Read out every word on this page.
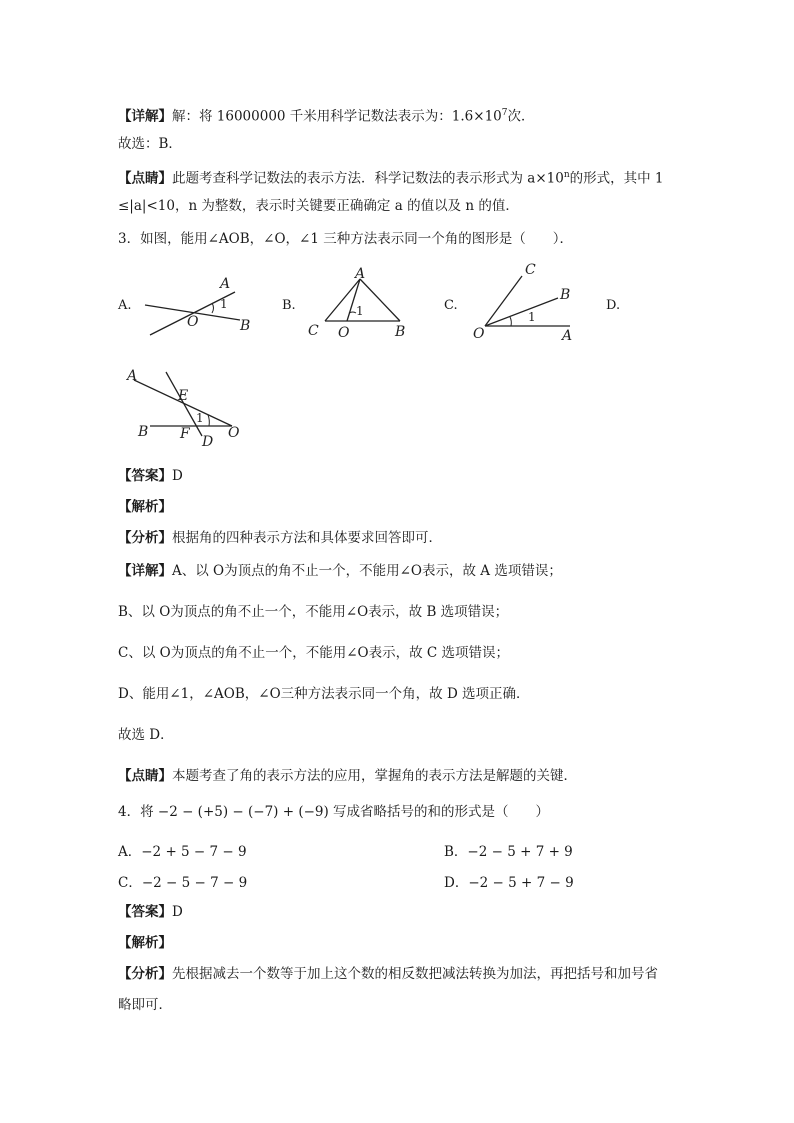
【详解】解：将 16000000 千米用科学记数法表示为：$1.6\times 10^7$次．
故选：B．
【点睛】此题考查科学记数法的表示方法．科学记数法的表示形式为 $a\times 10^n$的形式，其中 1
≤|a|<10，n 为整数，表示时关键要正确确定 a 的值以及 n 的值．
3．如图，能用∠AOB，∠O，∠1 三种方法表示同一个角的图形是（　　）．
A.	B.	C.	D.
A
1
O	B
A
1
C O	B
C
B
1
O	A
A
E
1
B F D
O
【答案】D
【解析】
【分析】根据角的四种表示方法和具体要求回答即可．
【详解】A、以 O为顶点的角不止一个，不能用∠O表示，故 A 选项错误；
B、以 O为顶点的角不止一个，不能用∠O表示，故 B 选项错误；
C、以 O为顶点的角不止一个，不能用∠O表示，故 C 选项错误；
D、能用∠1，∠AOB，∠O三种方法表示同一个角，故 D 选项正确．
故选 D．
【点睛】本题考查了角的表示方法的应用，掌握角的表示方法是解题的关键．
4．将 −2 − (+5) − (−7) + (−9) 写成省略括号的和的形式是（　　）
A．−2 + 5 − 7 − 9	B．−2 − 5 + 7 + 9
C．−2 − 5 − 7 − 9	D．−2 − 5 + 7 − 9
【答案】D
【解析】
【分析】先根据减去一个数等于加上这个数的相反数把减法转换为加法，再把括号和加号省
略即可．
